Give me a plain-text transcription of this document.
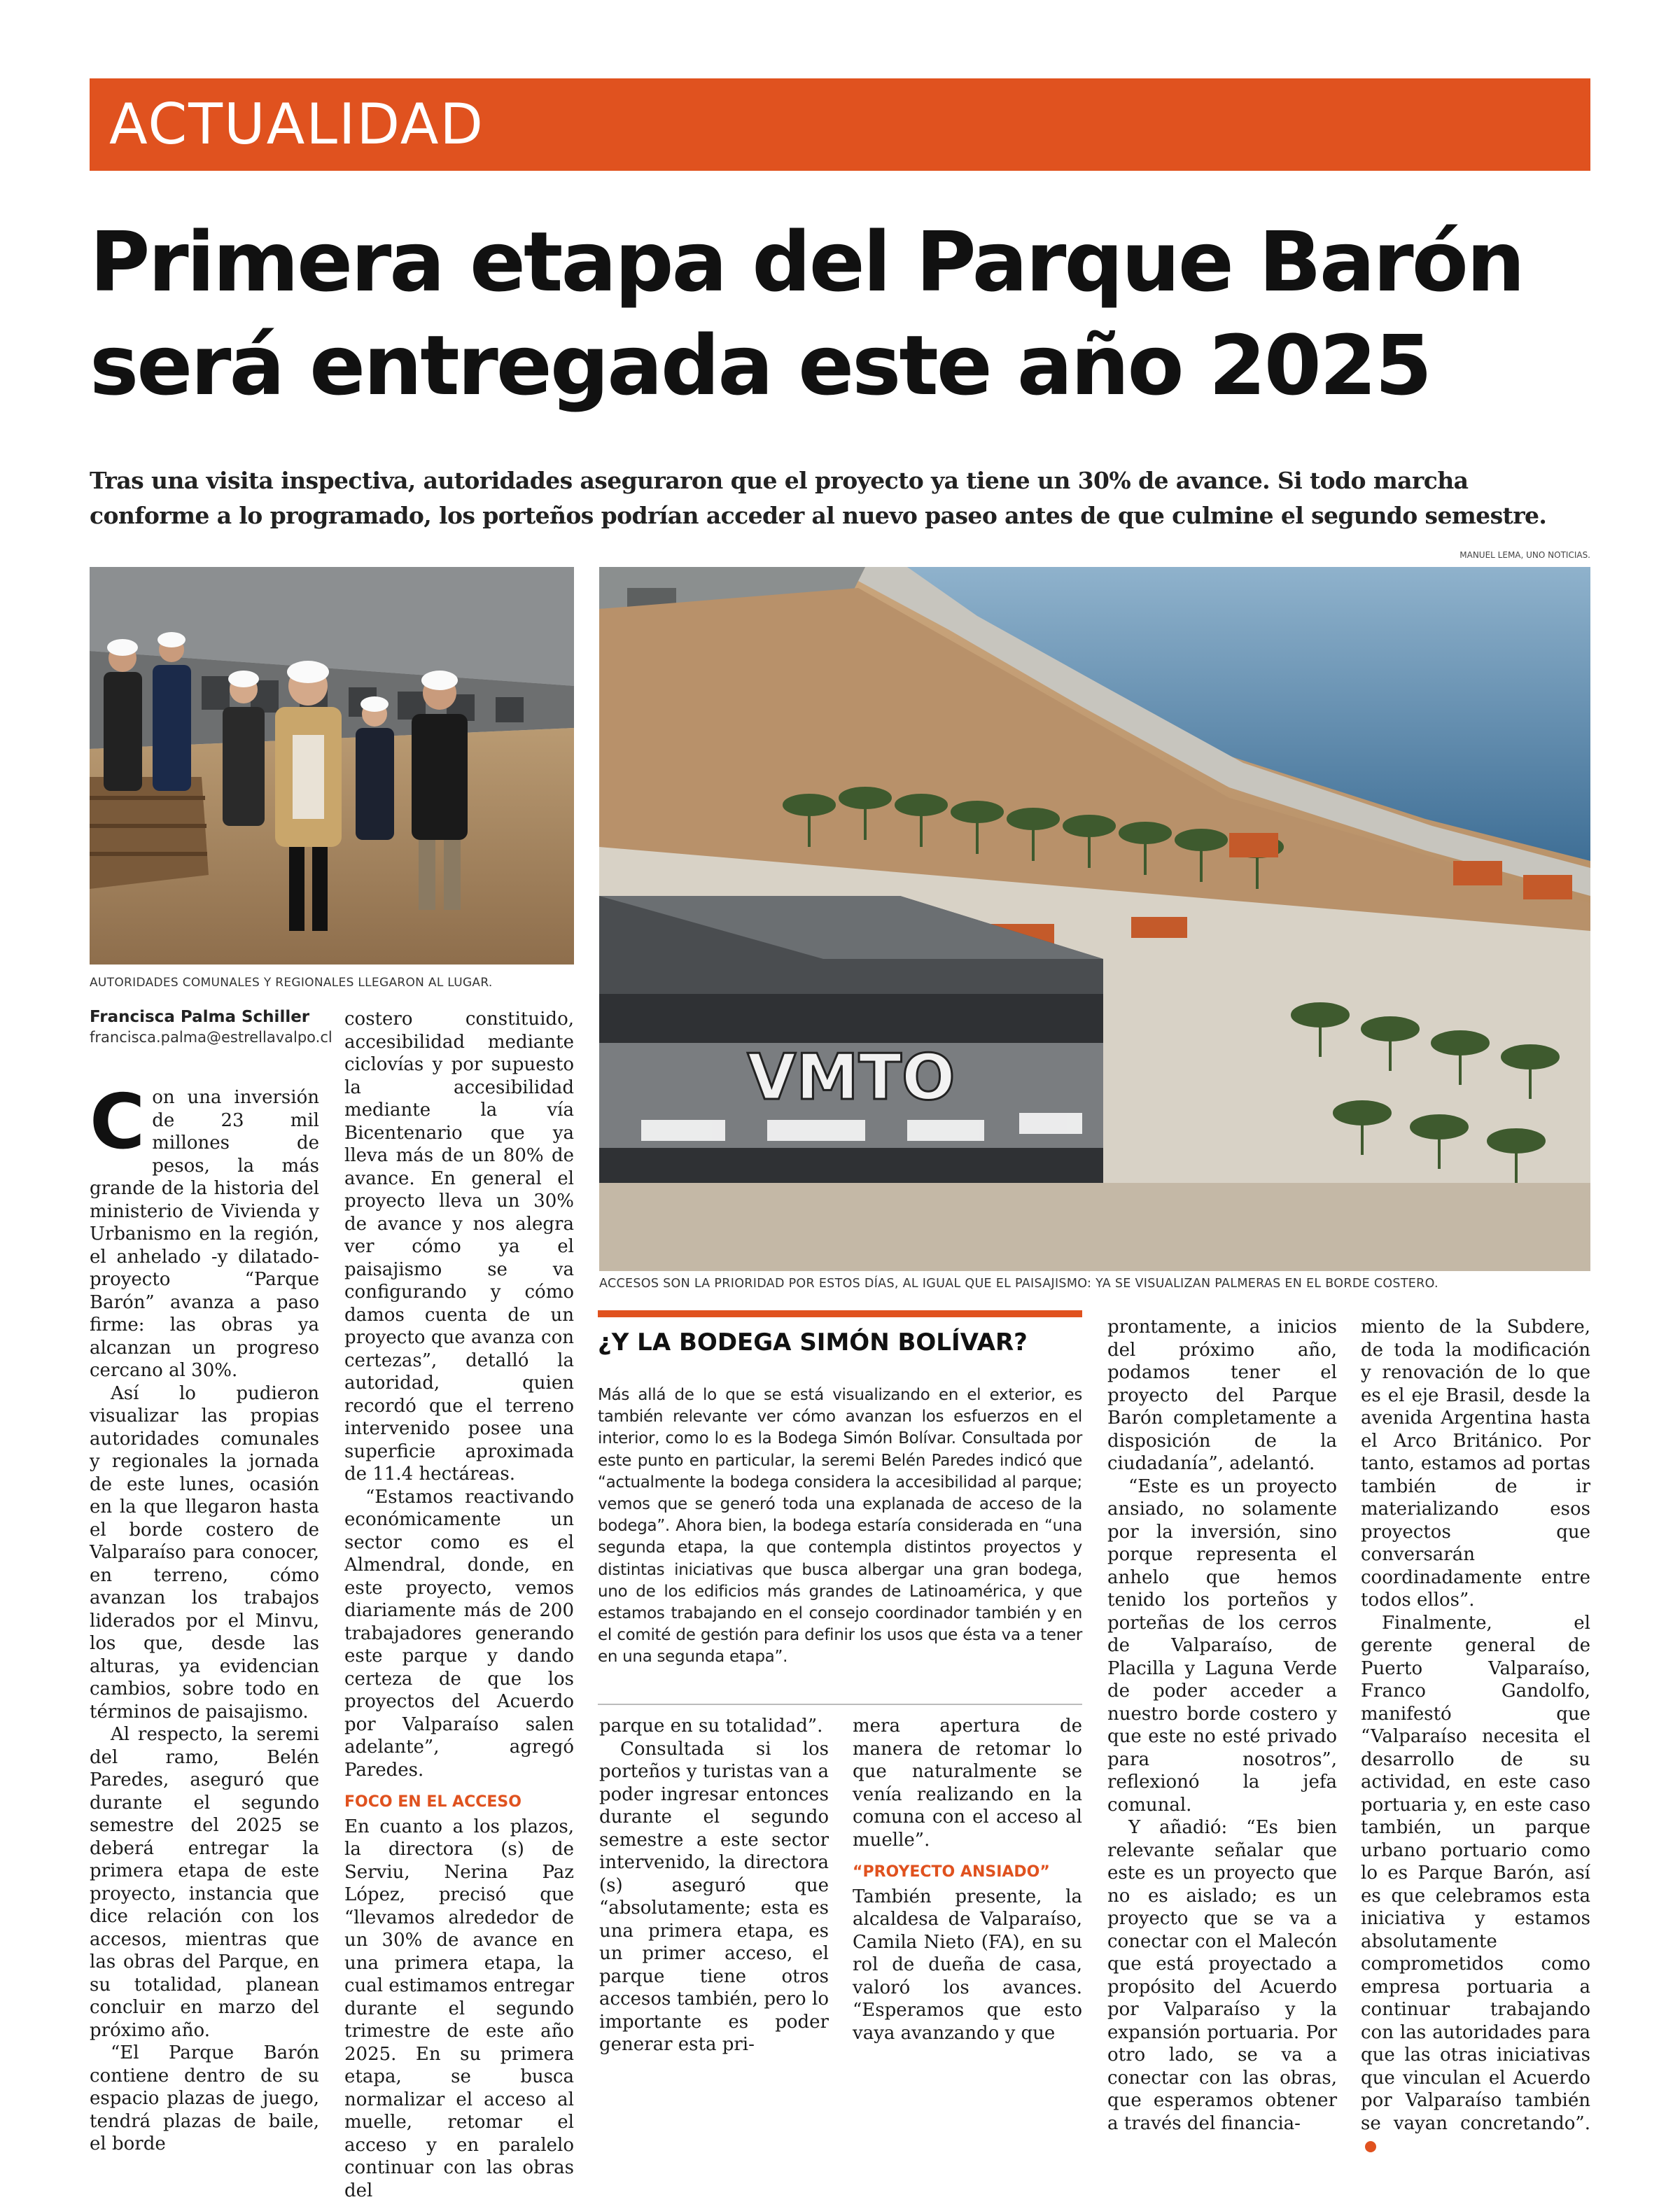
ACTUALIDAD
Primera etapa del Parque Barón
será entregada este año 2025
Tras una visita inspectiva, autoridades aseguraron que el proyecto ya tiene un 30% de avance. Si todo marcha
conforme a lo programado, los porteños podrían acceder al nuevo paseo antes de que culmine el segundo semestre.
MANUEL LEMA, UNO NOTICIAS.
AUTORIDADES COMUNALES Y REGIONALES LLEGARON AL LUGAR.
VMTO
ACCESOS SON LA PRIORIDAD POR ESTOS DÍAS, AL IGUAL QUE EL PAISAJISMO: YA SE VISUALIZAN PALMERAS EN EL BORDE COSTERO.
Francisca Palma Schiller
francisca.palma@estrellavalpo.cl

Con una inversión de 23 mil millones de pesos, la más grande de la historia del ministerio de Vivienda y Urbanismo en la región, el anhelado -y dilatado- proyecto “Parque Barón” avanza a paso firme: las obras ya alcanzan un progreso cercano al 30%.

Así lo pudieron visualizar las propias autoridades comunales y regionales la jornada de este lunes, ocasión en la que llegaron hasta el borde costero de Valparaíso para conocer, en terreno, cómo avanzan los trabajos liderados por el Minvu, los que, desde las alturas, ya evidencian cambios, sobre todo en términos de paisajismo.

Al respecto, la seremi del ramo, Belén Paredes, aseguró que durante el segundo semestre del 2025 se deberá entregar la primera etapa de este proyecto, instancia que dice relación con los accesos, mientras que las obras del Parque, en su totalidad, planean concluir en marzo del próximo año.

“El Parque Barón contiene dentro de su espacio plazas de juego, tendrá plazas de baile, el borde

costero constituido, accesibilidad mediante ciclovías y por supuesto la accesibilidad mediante la vía Bicentenario que ya lleva más de un 80% de avance. En general el proyecto lleva un 30% de avance y nos alegra ver cómo ya el paisajismo se va configurando y cómo damos cuenta de un proyecto que avanza con certezas”, detalló la autoridad, quien recordó que el terreno intervenido posee una superficie aproximada de 11.4 hectáreas.

“Estamos reactivando económicamente un sector como es el Almendral, donde, en este proyecto, vemos diariamente más de 200 trabajadores generando este parque y dando certeza de que los proyectos del Acuerdo por Valparaíso salen adelante”, agregó Paredes.

FOCO EN EL ACCESO

En cuanto a los plazos, la directora (s) de Serviu, Nerina Paz López, precisó que “llevamos alrededor de un 30% de avance en una primera etapa, la cual estimamos entregar durante el segundo trimestre de este año 2025. En su primera etapa, se busca normalizar el acceso al muelle, retomar el acceso y en paralelo continuar con las obras del

¿Y LA BODEGA SIMÓN BOLÍVAR?
Más allá de lo que se está visualizando en el exterior, es también relevante ver cómo avanzan los esfuerzos en el interior, como lo es la Bodega Simón Bolívar. Consultada por este punto en particular, la seremi Belén Paredes indicó que “actualmente la bodega considera la accesibilidad al parque; vemos que se generó toda una explanada de acceso de la bodega”. Ahora bien, la bodega estaría considerada en “una segunda etapa, la que contempla distintos proyectos y distintas iniciativas que busca albergar una gran bodega, uno de los edificios más grandes de Latinoamérica, y que estamos trabajando en el consejo coordinador también y en el comité de gestión para definir los usos que ésta va a tener en una segunda etapa”.

parque en su totalidad”.

Consultada si los porteños y turistas van a poder ingresar entonces durante el segundo semestre a este sector intervenido, la directora (s) aseguró que “absolutamente; esta es una primera etapa, es un primer acceso, el parque tiene otros accesos también, pero lo importante es poder generar esta pri-

mera apertura de manera de retomar lo que naturalmente se venía realizando en la comuna con el acceso al muelle”.

“PROYECTO ANSIADO”

También presente, la alcaldesa de Valparaíso, Camila Nieto (FA), en su rol de dueña de casa, valoró los avances. “Esperamos que esto vaya avanzando y que

prontamente, a inicios del próximo año, podamos tener el proyecto del Parque Barón completamente a disposición de la ciudadanía”, adelantó.

“Este es un proyecto ansiado, no solamente por la inversión, sino porque representa el anhelo que hemos tenido los porteños y porteñas de los cerros de Valparaíso, de Placilla y Laguna Verde de poder acceder a nuestro borde costero y que este no esté privado para nosotros”, reflexionó la jefa comunal.

Y añadió: “Es bien relevante señalar que este es un proyecto que no es aislado; es un proyecto que se va a conectar con el Malecón que está proyectado a propósito del Acuerdo por Valparaíso y la expansión portuaria. Por otro lado, se va a conectar con las obras, que esperamos obtener a través del financia-

miento de la Subdere, de toda la modificación y renovación de lo que es el eje Brasil, desde la avenida Argentina hasta el Arco Británico. Por tanto, estamos ad portas también de ir materializando esos proyectos que conversarán coordinadamente entre todos ellos”.

Finalmente, el gerente general de Puerto Valparaíso, Franco Gandolfo, manifestó que “Valparaíso necesita el desarrollo de su actividad, en este caso portuaria y, en este caso también, un parque urbano portuario como lo es Parque Barón, así es que celebramos esta iniciativa y estamos absolutamente comprometidos como empresa portuaria a continuar trabajando con las autoridades para que las otras iniciativas que vinculan el Acuerdo por Valparaíso también se vayan concretando”.
